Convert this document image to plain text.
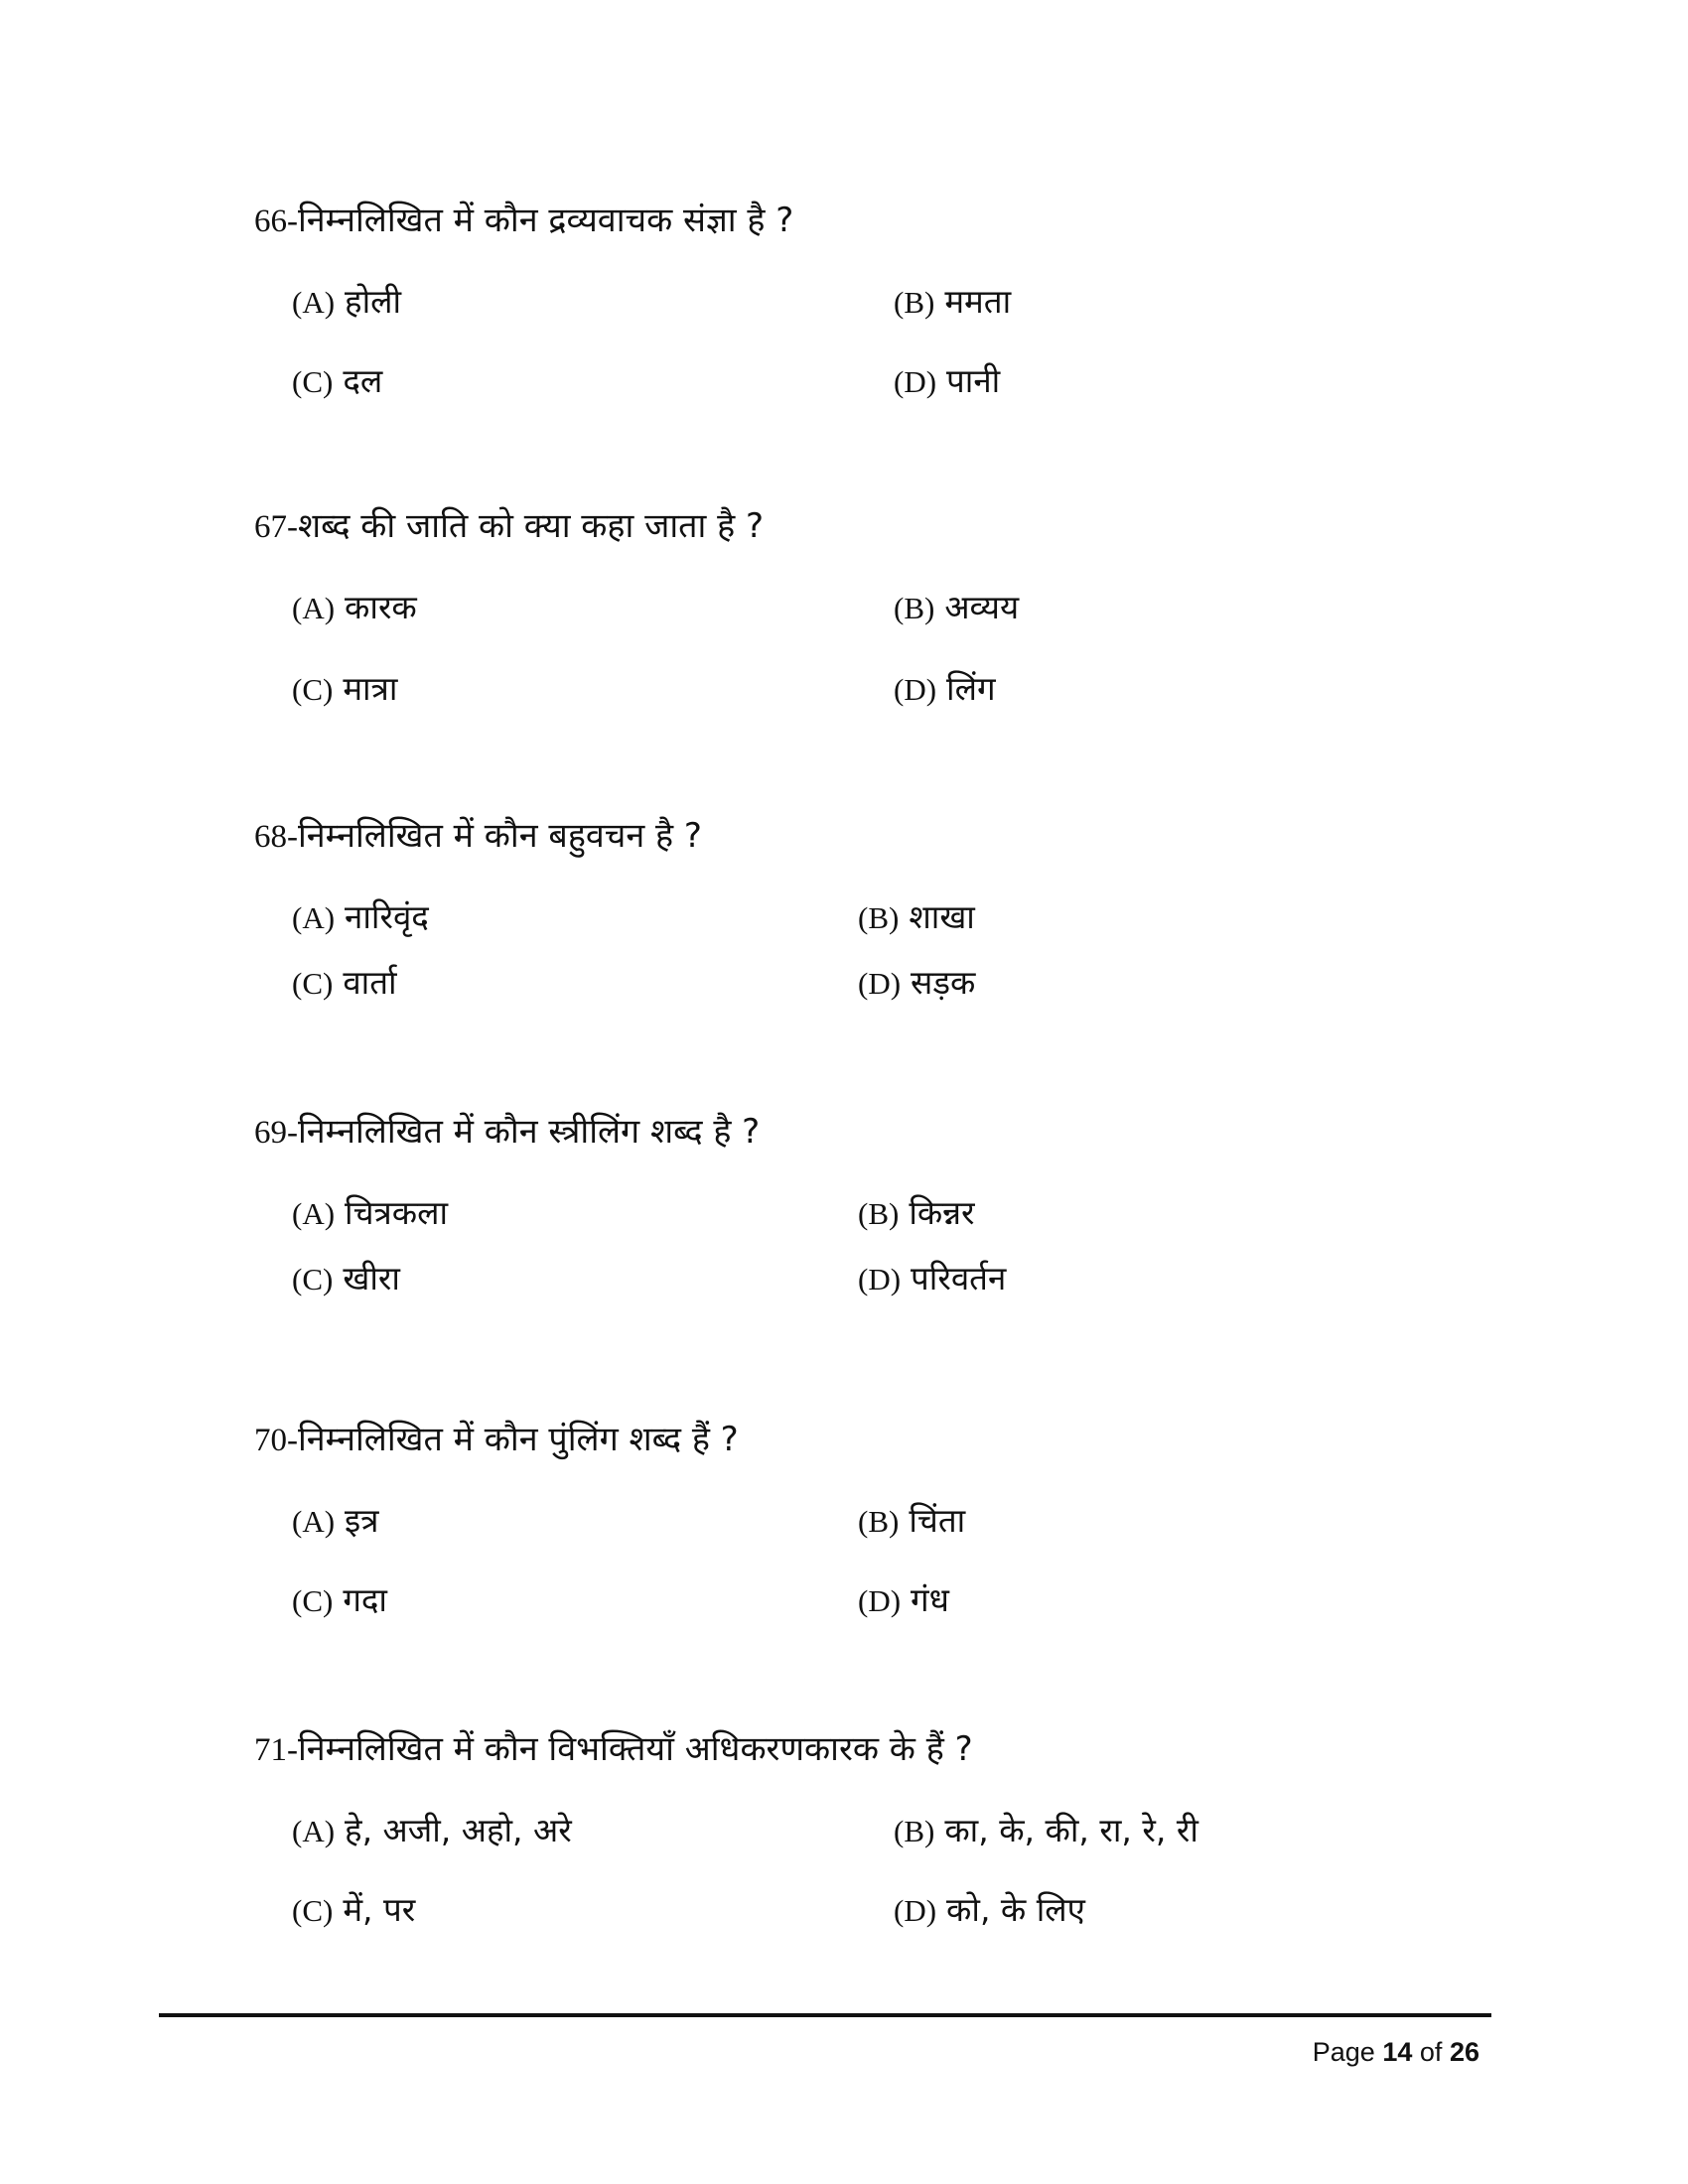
66-निम्नलिखित में कौन द्रव्यवाचक संज्ञा है ?
(A) होली	(B) ममता
(C) दल	(D) पानी
67-शब्द की जाति को क्या कहा जाता है ?
(A) कारक	(B) अव्यय
(C) मात्रा	(D) लिंग
68-निम्नलिखित में कौन बहुवचन है ?
(A) नारिवृंद	(B) शाखा
(C) वार्ता	(D) सड़क
69-निम्नलिखित में कौन स्त्रीलिंग शब्द है ?
(A) चित्रकला	(B) किन्नर
(C) खीरा	(D) परिवर्तन
70-निम्नलिखित में कौन पुंलिंग शब्द हैं ?
(A) इत्र	(B) चिंता
(C) गदा	(D) गंध
71-निम्नलिखित में कौन विभक्तियाँ अधिकरणकारक के हैं ?
(A) हे, अजी, अहो, अरे	(B) का, के, की, रा, रे, री
(C) में, पर	(D) को, के लिए
Page 14 of 26
